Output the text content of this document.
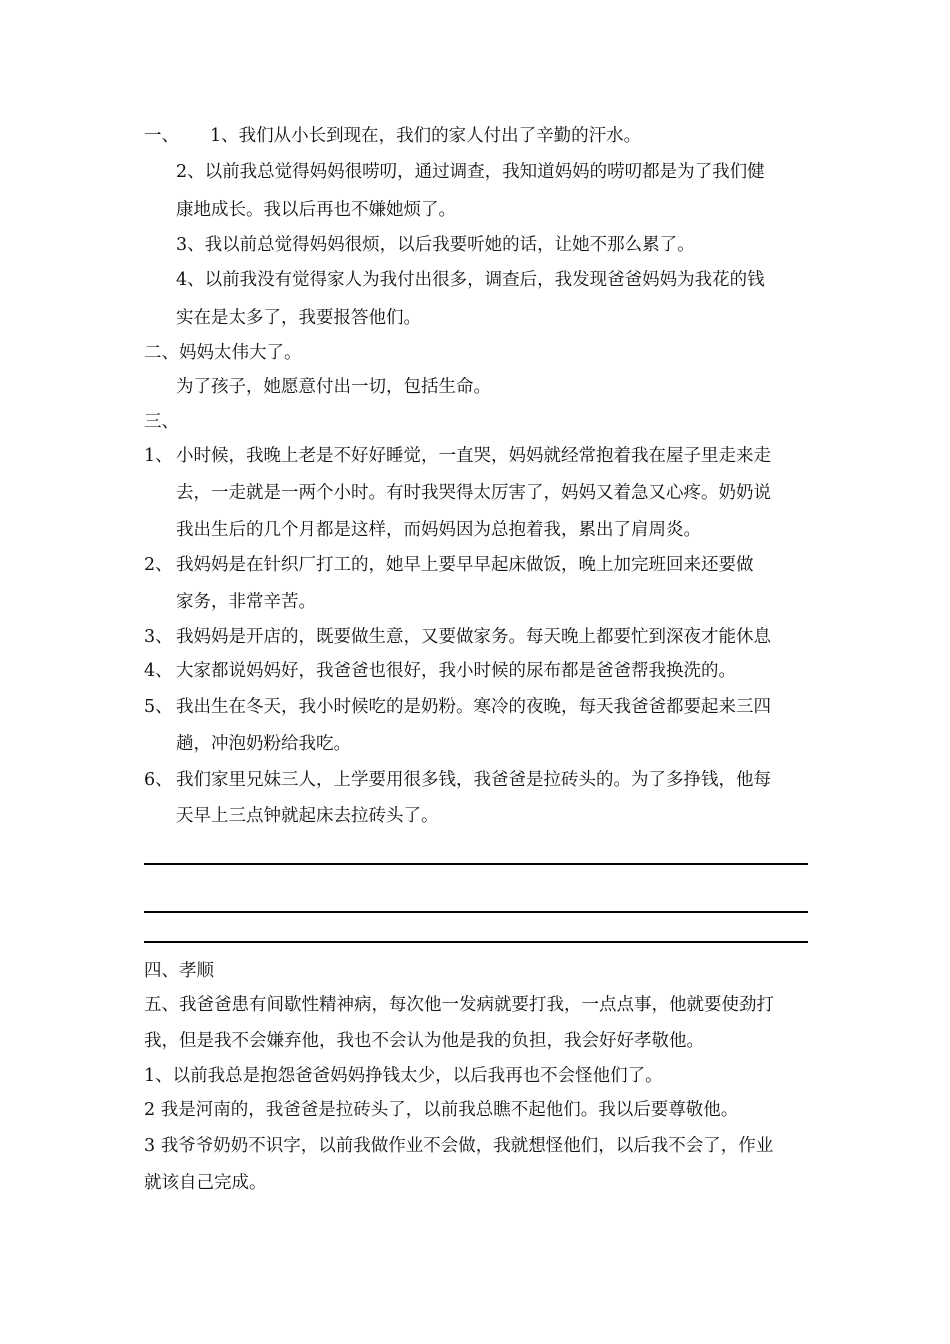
一、 1、我们从小长到现在，我们的家人付出了辛勤的汗水。
2、以前我总觉得妈妈很唠叨，通过调查，我知道妈妈的唠叨都是为了我们健
康地成长。我以后再也不嫌她烦了。
3、我以前总觉得妈妈很烦，以后我要听她的话，让她不那么累了。
4、以前我没有觉得家人为我付出很多，调查后，我发现爸爸妈妈为我花的钱
实在是太多了，我要报答他们。
二、妈妈太伟大了。
为了孩子，她愿意付出一切，包括生命。
三、
1、 小时候，我晚上老是不好好睡觉，一直哭，妈妈就经常抱着我在屋子里走来走
去，一走就是一两个小时。有时我哭得太厉害了，妈妈又着急又心疼。奶奶说
我出生后的几个月都是这样，而妈妈因为总抱着我，累出了肩周炎。
2、 我妈妈是在针织厂打工的，她早上要早早起床做饭，晚上加完班回来还要做
家务，非常辛苦。
3、 我妈妈是开店的，既要做生意，又要做家务。每天晚上都要忙到深夜才能休息
4、 大家都说妈妈好，我爸爸也很好，我小时候的尿布都是爸爸帮我换洗的。
5、 我出生在冬天，我小时候吃的是奶粉。寒冷的夜晚，每天我爸爸都要起来三四
趟，冲泡奶粉给我吃。
6、 我们家里兄妹三人，上学要用很多钱，我爸爸是拉砖头的。为了多挣钱，他每
天早上三点钟就起床去拉砖头了。
四、孝顺
五、我爸爸患有间歇性精神病，每次他一发病就要打我，一点点事，他就要使劲打
我，但是我不会嫌弃他，我也不会认为他是我的负担，我会好好孝敬他。
1、以前我总是抱怨爸爸妈妈挣钱太少，以后我再也不会怪他们了。
2 我是河南的，我爸爸是拉砖头了，以前我总瞧不起他们。我以后要尊敬他。
3 我爷爷奶奶不识字，以前我做作业不会做，我就想怪他们，以后我不会了，作业
就该自己完成。
